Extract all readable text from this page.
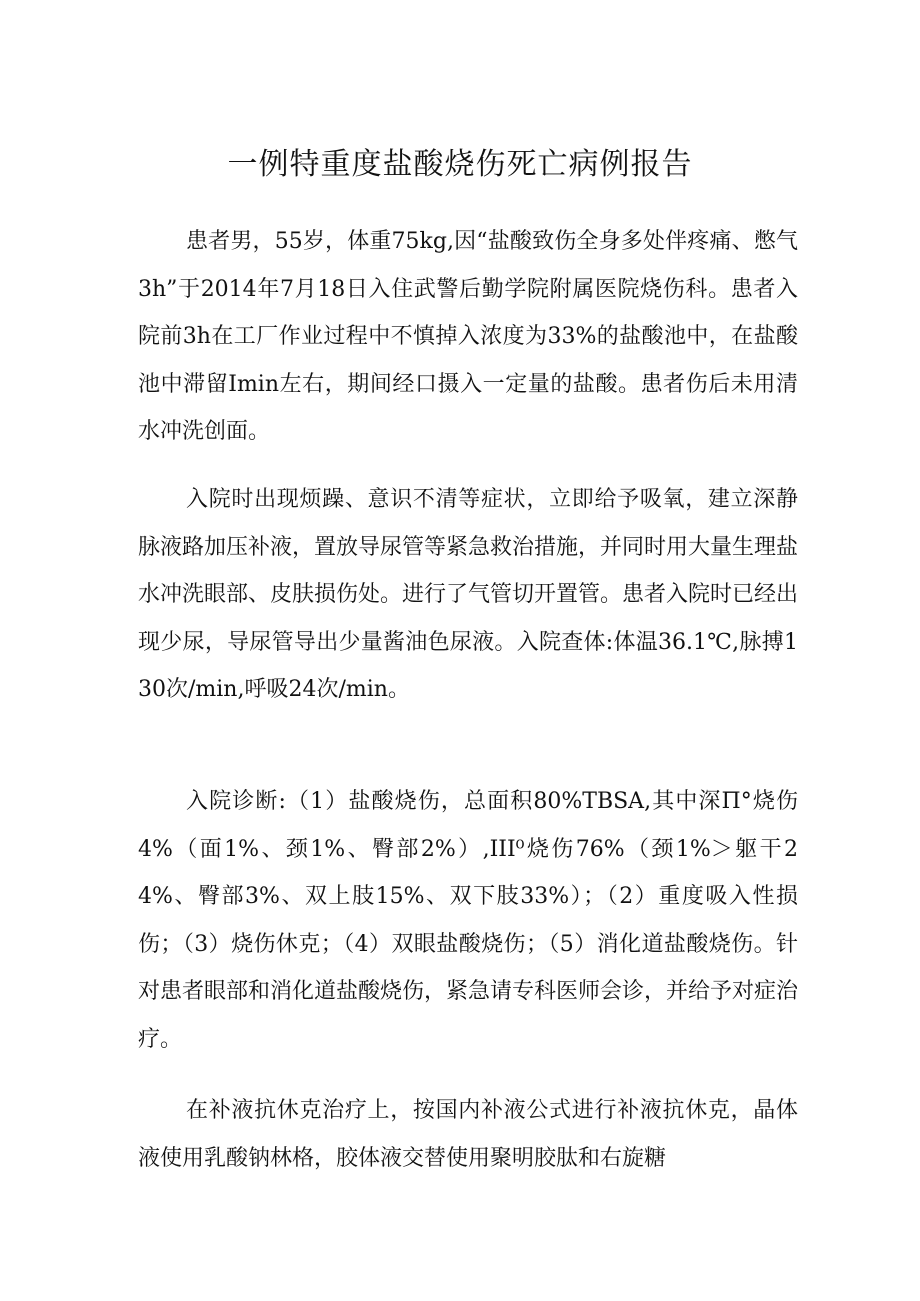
一例特重度盐酸烧伤死亡病例报告

患者男，55岁，体重75kg,因“盐酸致伤全身多处伴疼痛、憋气3h”于2014年7月18日入住武警后勤学院附属医院烧伤科。患者入院前3h在工厂作业过程中不慎掉入浓度为33%的盐酸池中，在盐酸池中滞留Imin左右，期间经口摄入一定量的盐酸。患者伤后未用清水冲洗创面。

入院时出现烦躁、意识不清等症状，立即给予吸氧，建立深静脉液路加压补液，置放导尿管等紧急救治措施，并同时用大量生理盐水冲洗眼部、皮肤损伤处。进行了气管切开置管。患者入院时已经出现少尿，导尿管导出少量酱油色尿液。入院查体:体温36.1℃,脉搏130次/min,呼吸24次/min。

入院诊断:（1）盐酸烧伤，总面积80%TBSA,其中深Π°烧伤4%（面1%、颈1%、臀部2%）,III⁰烧伤76%（颈1%＞躯干24%、臀部3%、双上肢15%、双下肢33%）；（2）重度吸入性损伤；（3）烧伤休克；（4）双眼盐酸烧伤；（5）消化道盐酸烧伤。针对患者眼部和消化道盐酸烧伤，紧急请专科医师会诊，并给予对症治疗。

在补液抗休克治疗上，按国内补液公式进行补液抗休克，晶体液使用乳酸钠林格，胶体液交替使用聚明胶肽和右旋糖
